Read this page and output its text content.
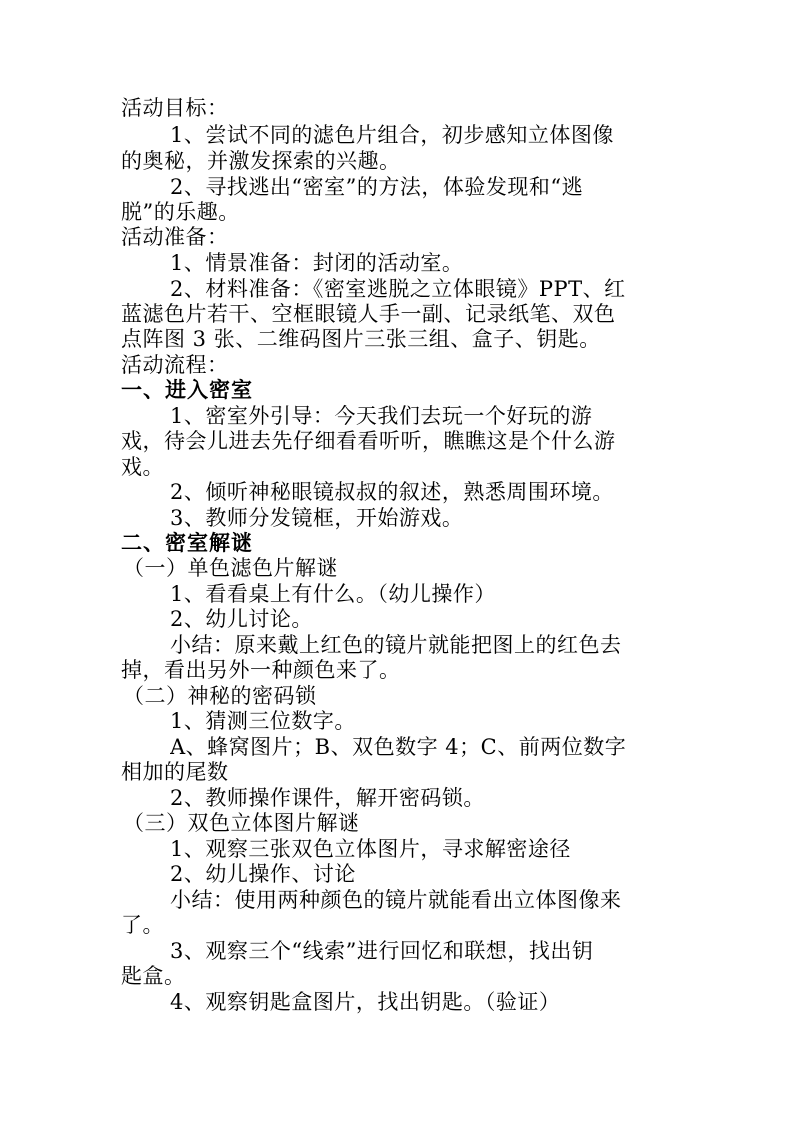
活动目标：
1、尝试不同的滤色片组合，初步感知立体图像
的奥秘，并激发探索的兴趣。
2、寻找逃出“密室”的方法，体验发现和“逃
脱”的乐趣。
活动准备：
1、情景准备：封闭的活动室。
2、材料准备：《密室逃脱之立体眼镜》PPT、红
蓝滤色片若干、空框眼镜人手一副、记录纸笔、双色
点阵图 3 张、二维码图片三张三组、盒子、钥匙。
活动流程：
一、进入密室
1、密室外引导：今天我们去玩一个好玩的游
戏，待会儿进去先仔细看看听听，瞧瞧这是个什么游
戏。
2、倾听神秘眼镜叔叔的叙述，熟悉周围环境。
3、教师分发镜框，开始游戏。
二、密室解谜
（一）单色滤色片解谜
1、看看桌上有什么。（幼儿操作）
2、幼儿讨论。
小结：原来戴上红色的镜片就能把图上的红色去
掉，看出另外一种颜色来了。
（二）神秘的密码锁
1、猜测三位数字。
A、蜂窝图片；B、双色数字 4；C、前两位数字
相加的尾数
2、教师操作课件，解开密码锁。
（三）双色立体图片解谜
1、观察三张双色立体图片，寻求解密途径
2、幼儿操作、讨论
小结：使用两种颜色的镜片就能看出立体图像来
了。
3、观察三个“线索”进行回忆和联想，找出钥
匙盒。
4、观察钥匙盒图片，找出钥匙。（验证）
